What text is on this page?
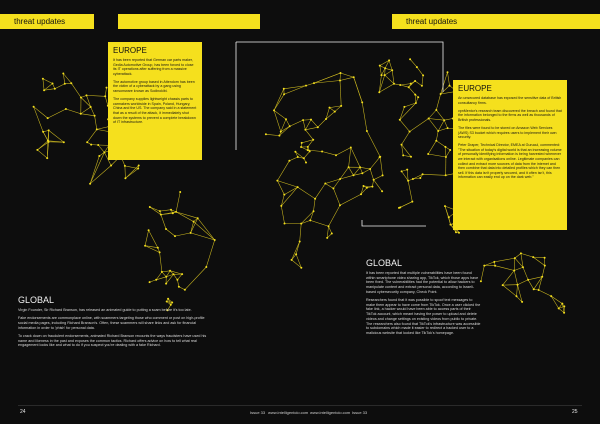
threat updates	threat updates
EUROPE

It has been reported that German car parts maker, Gedia Automotive Group, has been forced to close its IT operations after suffering from a massive cyberattack.

The automotive group based in Attendorn has been the victim of a cyberattack by a gang using ransomware known as Sodinokibi.

The company supplies lightweight chassis parts to carmakers worldwide in Spain, Poland, Hungary, China and the US. The company said in a statement that as a result of the attack, it immediately shut down the systems to prevent a complete breakdown of IT infrastructure.

EUROPE

An unsecured database has exposed the sensitive data of British consultancy firms.

vpnMentor's research team discovered the breach and found that the information belonged to the firms as well as thousands of British professionals.

The files were found to be stored on Amazon Web Services (AWS) S3 bucket which requires users to implement their own security.

Peter Draper, Technical Director, EMEA at Gurucul, commented: "The situation of today's digital world is that an increasing volume of personally identifying information is being harvested whenever we interact with organisations online. Legitimate companies can collect and extract more sources of data from the internet and then combine that data into detailed profiles which they can then sell. If this data isn't properly secured, and it often isn't, this information can easily end up on the dark web."

GLOBAL

Virgin Founder, Sir Richard Branson, has released an animated guide to putting a scam before it's too late.

Fake endorsements are commonplace online, with scammers targeting those who comment or post on high-profile social media pages, including Richard Branson's. Often, these scammers will share links and ask for financial information in order to 'phish' for personal data.

To crack down on fraudulent endorsements, animated Richard Branson recounts the ways fraudsters have used his name and likeness in the past and exposes the common tactics. Richard offers advice on how to tell what real engagement looks like and what to do if you suspect you're dealing with a fake Richard.

GLOBAL

It has been reported that multiple vulnerabilities have been found within smartphone video sharing app, TikTok, which those apps have been fixed. The vulnerabilities had the potential to allow hackers to manipulate content and extract personal data, according to Israeli-based cybersecurity company, Check Point.

Researchers found that it was possible to spoof text messages to make them appear to have come from TikTok. Once a user clicked the fake link, a hacker would have been able to access parts of their TikTok account, which meant having the power to upload and delete videos and change settings on existing videos from public to private. The researchers also found that TikTok's infrastructure was accessible to subdomains which made it easier to redirect a hacked user to a malicious website that looked like TikTok's homepage.

24	Issue 33 www.intelligentcio.com www.intelligentcio.com Issue 33	25
